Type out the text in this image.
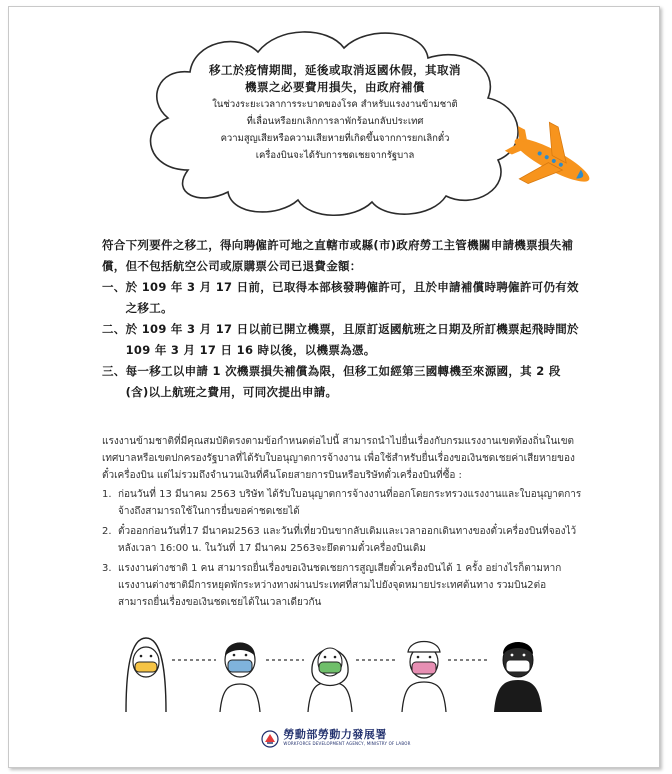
移工於疫情期間，延後或取消返國休假，其取消
機票之必要費用損失，由政府補償
ในช่วงระยะเวลาการระบาดของโรค สำหรับแรงงานข้ามชาติ
ที่เลื่อนหรือยกเลิกการลาพักร้อนกลับประเทศ
ความสูญเสียหรือความเสียหายที่เกิดขึ้นจากการยกเลิกตั๋ว
เครื่องบินจะได้รับการชดเชยจากรัฐบาล
符合下列要件之移工，得向聘僱許可地之直轄市或縣(市)政府勞工主管機關申請機票損失補償，但不包括航空公司或原購票公司已退費金額：
一、 於 109 年 3 月 17 日前，已取得本部核發聘僱許可，且於申請補償時聘僱許可仍有效之移工。
二、 於 109 年 3 月 17 日以前已開立機票，且原訂返國航班之日期及所訂機票起飛時間於 109 年 3 月 17 日 16 時以後，以機票為憑。
三、 每一移工以申請 1 次機票損失補償為限，但移工如經第三國轉機至來源國，其 2 段(含)以上航班之費用，可同次提出申請。
แรงงานข้ามชาติที่มีคุณสมบัติตรงตามข้อกำหนดต่อไปนี้ สามารถนำไปยื่นเรื่องกับกรมแรงงานเขตท้องถิ่นในเขตเทศบาลหรือเขตปกครองรัฐบาลที่ได้รับใบอนุญาตการจ้างงาน เพื่อใช้สำหรับยื่นเรื่องขอเงินชดเชยค่าเสียหายของตั๋วเครื่องบิน แต่ไม่รวมถึงจำนวนเงินที่คืนโดยสายการบินหรือบริษัทตั๋วเครื่องบินที่ซื้อ :
1. ก่อนวันที่ 13 มีนาคม 2563 บริษัท ได้รับใบอนุญาตการจ้างงานที่ออกโดยกระทรวงแรงงานและใบอนุญาตการจ้างถึงสามารถใช้ในการยื่นขอค่าชดเชยได้
2. ตั๋วออกก่อนวันที่17 มีนาคม2563 และวันที่เที่ยวบินขากลับเดิมและเวลาออกเดินทางของตั๋วเครื่องบินที่จองไว้หลังเวลา 16:00 น. ในวันที่ 17 มีนาคม 2563จะยึดตามตั๋วเครื่องบินเดิม
3. แรงงานต่างชาติ 1 คน สามารถยื่นเรื่องขอเงินชดเชยการสูญเสียตั๋วเครื่องบินได้ 1 ครั้ง อย่างไรก็ตามหากแรงงานต่างชาติมีการหยุดพักระหว่างทางผ่านประเทศที่สามไปยังจุดหมายประเทศต้นทาง รวมบิน2ต่อ สามารถยื่นเรื่องขอเงินชดเชยได้ในเวลาเดียวกัน
勞動部勞動力發展署
WORKFORCE DEVELOPMENT AGENCY, MINISTRY OF LABOR
